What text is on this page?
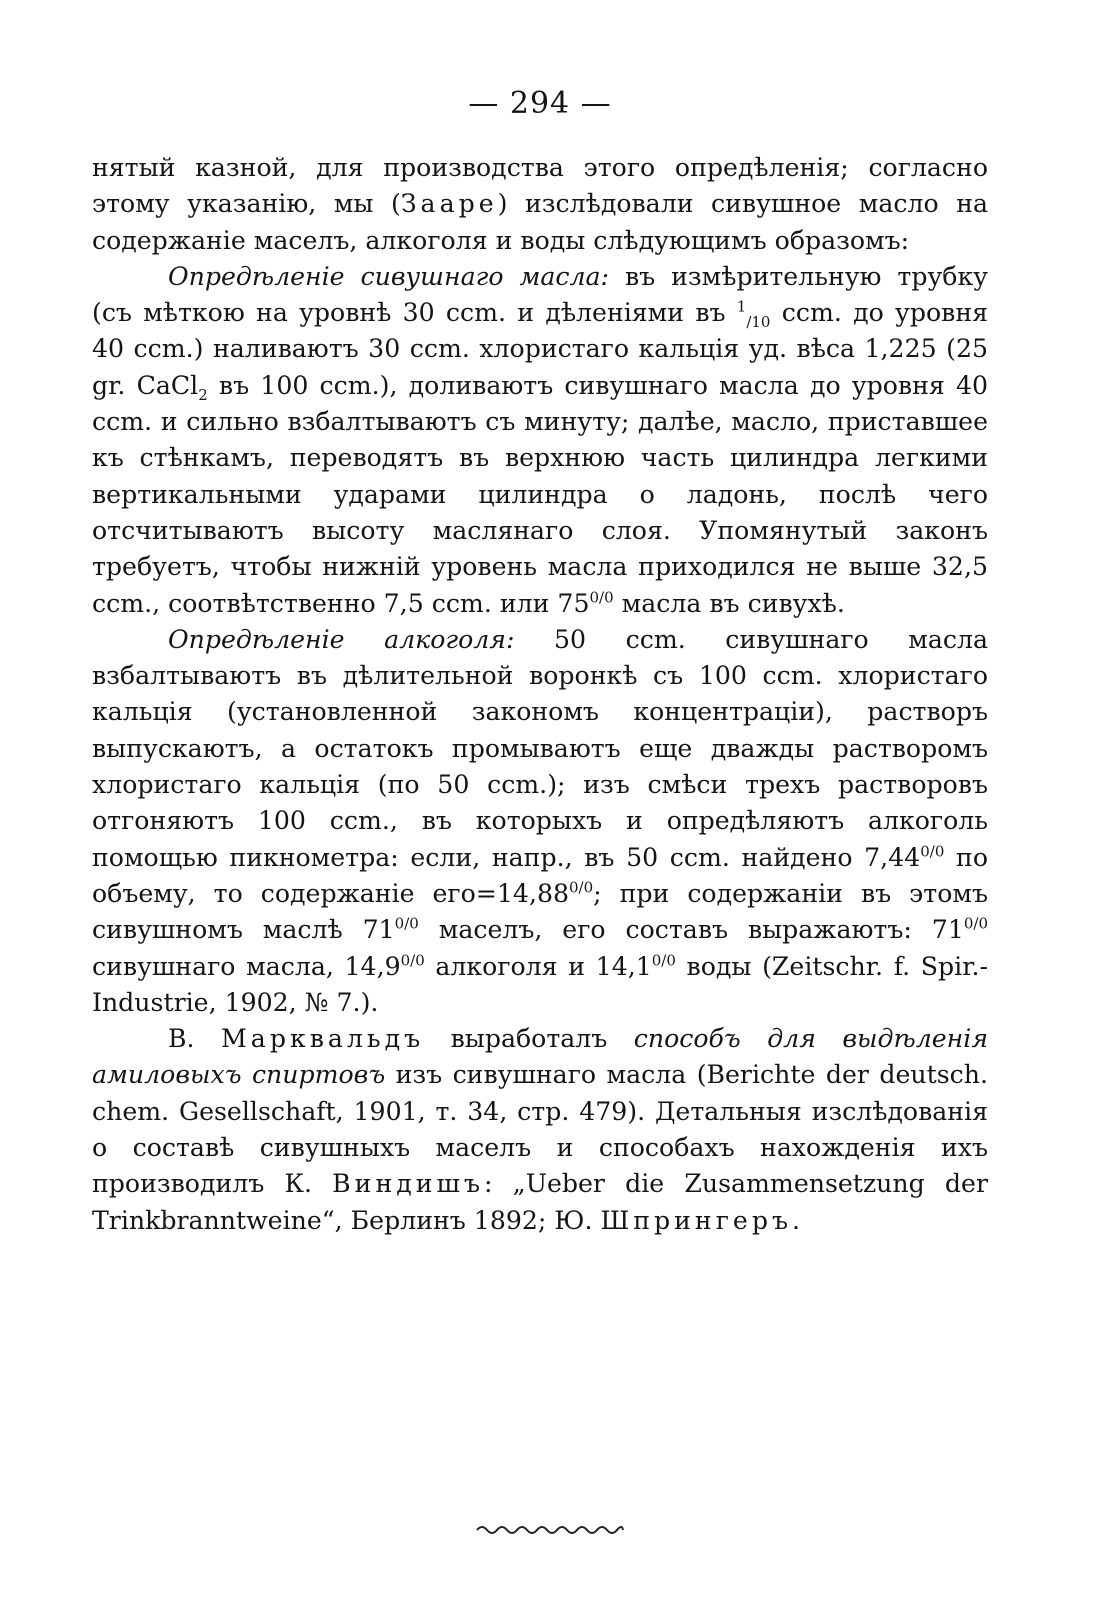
— 294 —

нятый казной, для производства этого опредѣленія; согласно этому указанію, мы (Зааре) изслѣдовали сивушное масло на содержаніе маселъ, алкоголя и воды слѣдующимъ образомъ:

Опредѣленіе сивушнаго масла: въ измѣрительную трубку (съ мѣткою на уровнѣ 30 ccm. и дѣленіями въ $^1_{/10}$ ccm. до уровня 40 ccm.) наливаютъ 30 ccm. хлористаго кальція уд. вѣса 1,225 (25 gr. CaCl$_2$ въ 100 ccm.), доливаютъ сивушнаго масла до уровня 40 ccm. и сильно взбалтываютъ съ минуту; далѣе, масло, приставшее къ стѣнкамъ, переводятъ въ верхнюю часть цилиндра легкими вертикальными ударами цилиндра о ладонь, послѣ чего отсчитываютъ высоту маслянаго слоя. Упомянутый законъ требуетъ, чтобы нижній уровень масла приходился не выше 32,5 ccm., соотвѣтственно 7,5 ccm. или $75^{0/0}$ масла въ сивухѣ.

Опредѣленіе алкоголя: 50 ccm. сивушнаго масла взбалтываютъ въ дѣлительной воронкѣ съ 100 ccm. хлористаго кальція (установленной закономъ концентраціи), растворъ выпускаютъ, а остатокъ промываютъ еще дважды растворомъ хлористаго кальція (по 50 ccm.); изъ смѣси трехъ растворовъ отгоняютъ 100 ccm., въ которыхъ и опредѣляютъ алкоголь помощью пикнометра: если, напр., въ 50 ccm. найдено $7,44^{0/0}$ по объему, то содержаніе $его=14,88^{0/0}$; при содержаніи въ этомъ сивушномъ маслѣ $71^{0/0}$ маселъ, его составъ выражаютъ: $71^{0/0}$ сивушнаго масла, $14,9^{0/0}$ алкоголя и $14,1^{0/0}$ воды (Zeitschr. f. Spir.-Industrie, 1902, № 7.).

В. Марквальдъ выработалъ способъ для выдѣленія амиловыхъ спиртовъ изъ сивушнаго масла (Berichte der deutsch. chem. Gesellschaft, 1901, т. 34, стр. 479). Детальныя изслѣдованія о составѣ сивушныхъ маселъ и способахъ нахожденія ихъ производилъ К. Виндишъ: „Ueber die Zusammensetzung der Trinkbranntweine“, Берлинъ 1892; Ю. Шпрингеръ.
